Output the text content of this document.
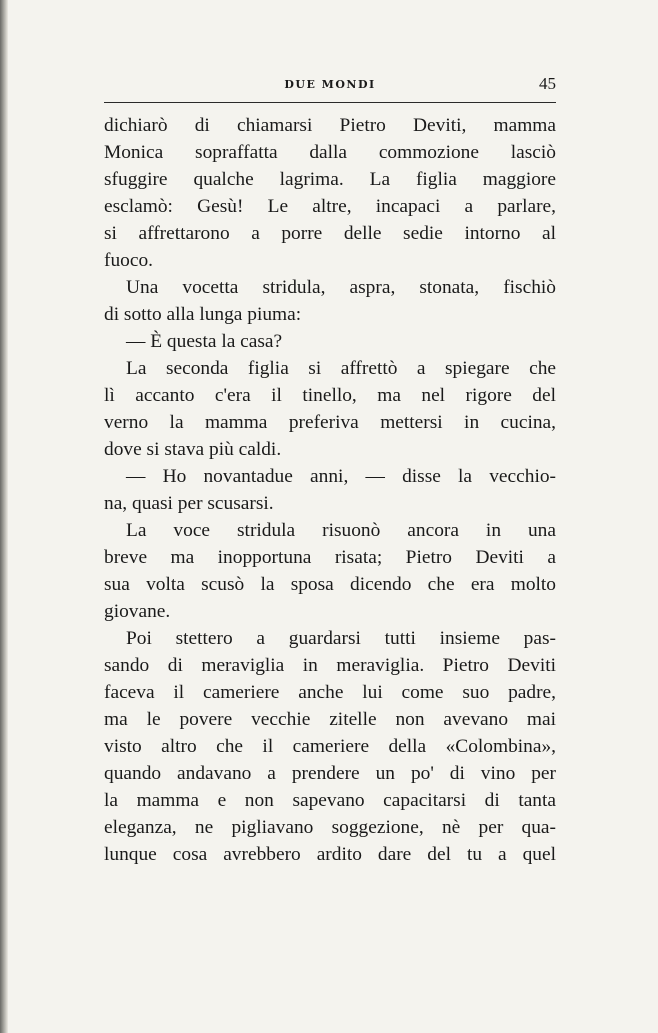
DUE MONDI	45
dichiarò di chiamarsi Pietro Deviti, mamma
Monica sopraffatta dalla commozione lasciò
sfuggire qualche lagrima. La figlia maggiore
esclamò: Gesù! Le altre, incapaci a parlare,
si affrettarono a porre delle sedie intorno al
fuoco.
Una vocetta stridula, aspra, stonata, fischiò
di sotto alla lunga piuma:
— È questa la casa?
La seconda figlia si affrettò a spiegare che
lì accanto c'era il tinello, ma nel rigore del
verno la mamma preferiva mettersi in cucina,
dove si stava più caldi.
— Ho novantadue anni, — disse la vecchio-
na, quasi per scusarsi.
La voce stridula risuonò ancora in una
breve ma inopportuna risata; Pietro Deviti a
sua volta scusò la sposa dicendo che era molto
giovane.
Poi stettero a guardarsi tutti insieme pas-
sando di meraviglia in meraviglia. Pietro Deviti
faceva il cameriere anche lui come suo padre,
ma le povere vecchie zitelle non avevano mai
visto altro che il cameriere della «Colombina»,
quando andavano a prendere un po' di vino per
la mamma e non sapevano capacitarsi di tanta
eleganza, ne pigliavano soggezione, nè per qua-
lunque cosa avrebbero ardito dare del tu a quel
